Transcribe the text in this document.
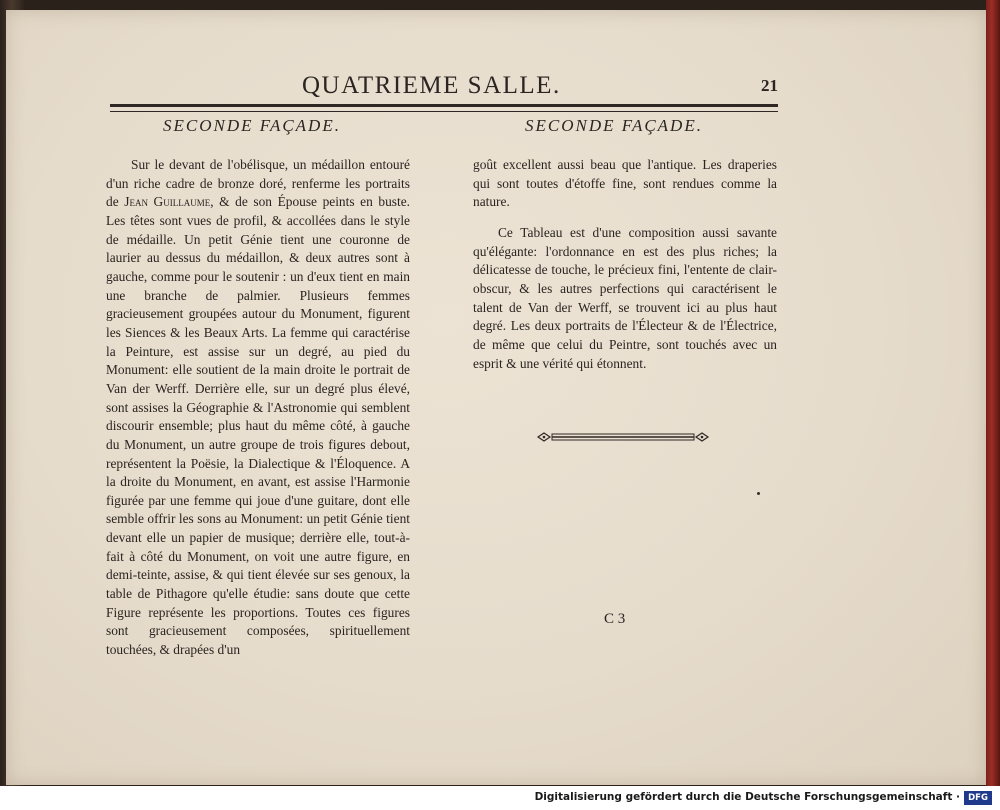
QUATRIEME SALLE.	21
SECONDE FAÇADE.	SECONDE FAÇADE.

Sur le devant de l'obélisque, un médaillon entouré d'un riche cadre de bronze doré, renferme les portraits de Jean Guillaume, & de son Épouse peints en buste. Les têtes sont vues de profil, & accollées dans le style de médaille. Un petit Génie tient une couronne de laurier au dessus du médaillon, & deux autres sont à gauche, comme pour le soutenir : un d'eux tient en main une branche de palmier. Plusieurs femmes gracieusement groupées autour du Monument, figurent les Siences & les Beaux Arts. La femme qui caractérise la Peinture, est assise sur un degré, au pied du Monument: elle soutient de la main droite le portrait de Van der Werff. Derrière elle, sur un degré plus élevé, sont assises la Géographie & l'Astronomie qui semblent discourir ensemble; plus haut du même côté, à gauche du Monument, un autre groupe de trois figures debout, représentent la Poësie, la Dialectique & l'Éloquence. A la droite du Monument, en avant, est assise l'Harmonie figurée par une femme qui joue d'une guitare, dont elle semble offrir les sons au Monument: un petit Génie tient devant elle un papier de musique; derrière elle, tout-à-fait à côté du Monument, on voit une autre figure, en demi-teinte, assise, & qui tient élevée sur ses genoux, la table de Pithagore qu'elle étudie: sans doute que cette Figure représente les proportions. Toutes ces figures sont gracieusement composées, spirituellement touchées, & drapées d'un

goût excellent aussi beau que l'antique. Les draperies qui sont toutes d'étoffe fine, sont rendues comme la nature.

Ce Tableau est d'une composition aussi savante qu'élégante: l'ordonnance en est des plus riches; la délicatesse de touche, le précieux fini, l'entente de clair-obscur, & les autres perfections qui caractérisent le talent de Van der Werff, se trouvent ici au plus haut degré. Les deux portraits de l'Électeur & de l'Électrice, de même que celui du Peintre, sont touchés avec un esprit & une vérité qui étonnent.

C 3
Digitalisierung gefördert durch die Deutsche Forschungsgemeinschaft · DFG
